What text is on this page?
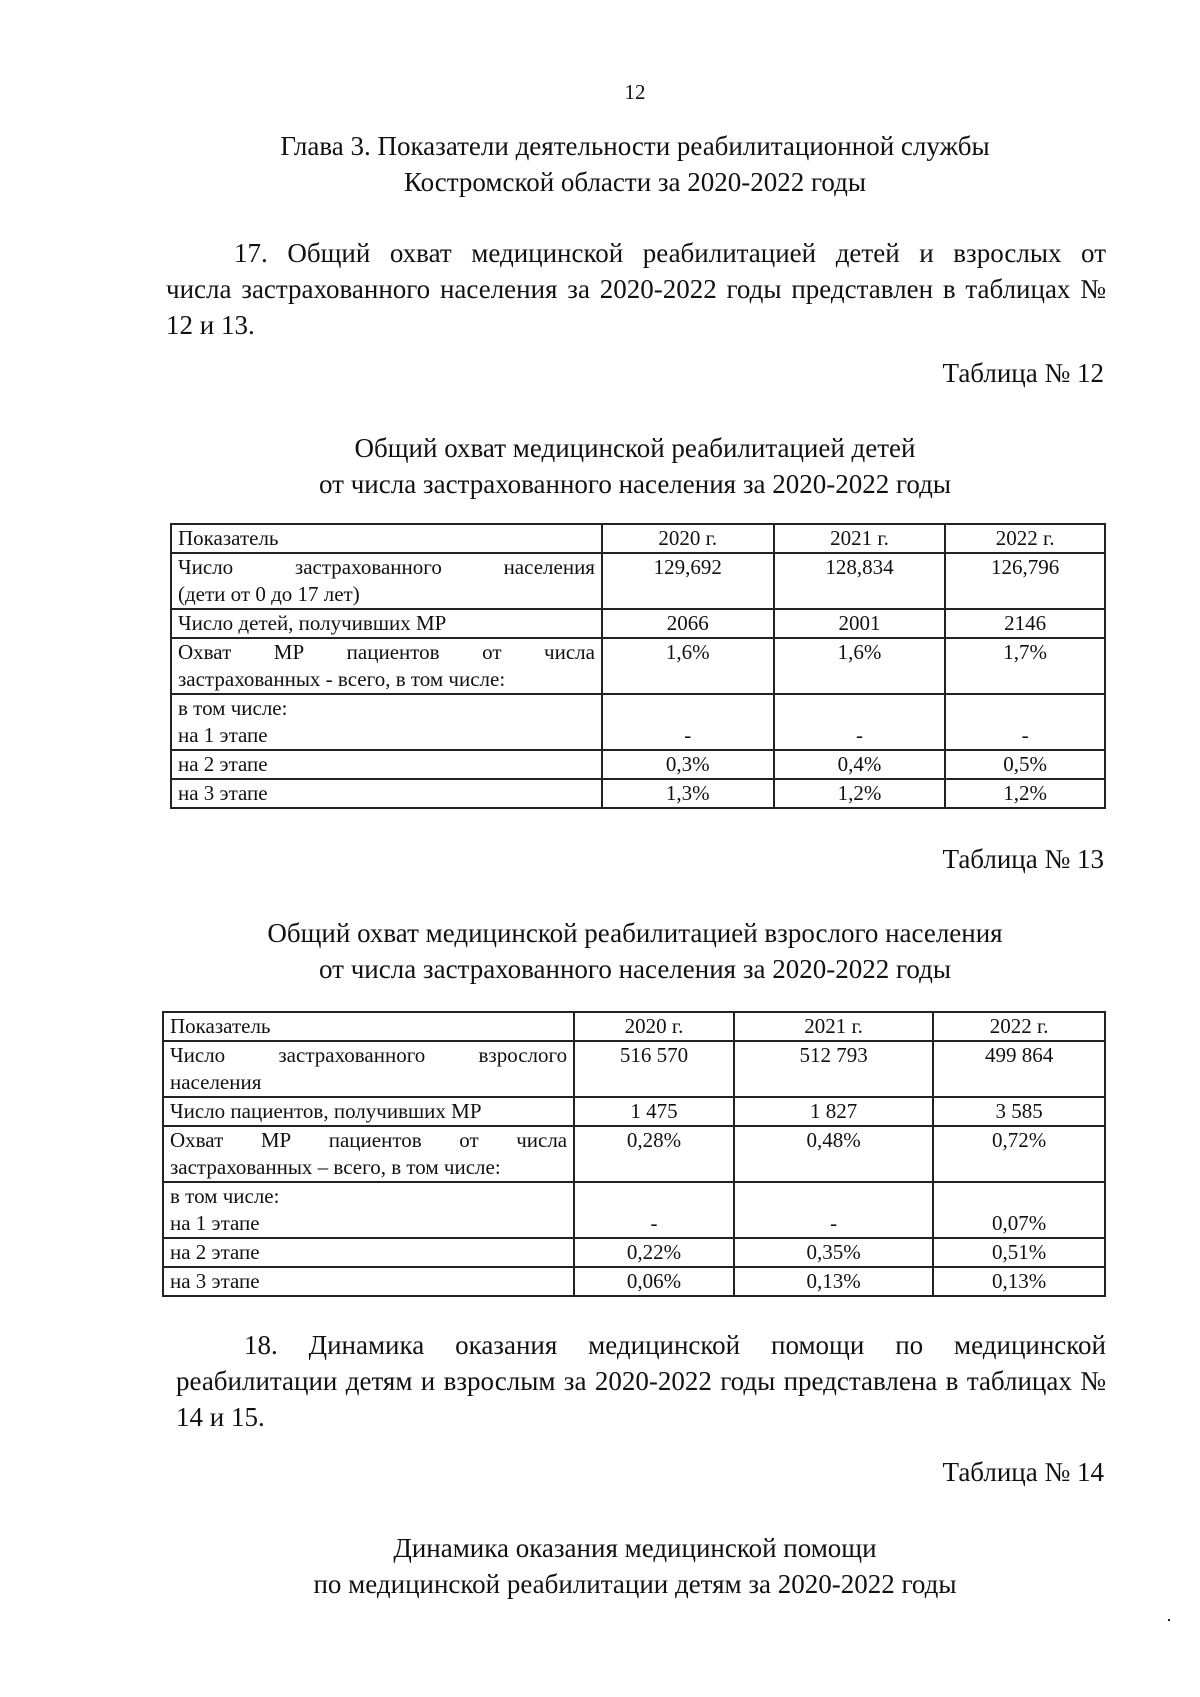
12
Глава 3. Показатели деятельности реабилитационной службы
Костромской области за 2020-2022 годы
17. Общий охват медицинской реабилитацией детей и взрослых от
числа застрахованного населения за 2020-2022 годы представлен в таблицах № 12 и 13.
Таблица № 12
Общий охват медицинской реабилитацией детей
от числа застрахованного населения за 2020-2022 годы
Показатель	2020 г.	2021 г.	2022 г.

Число застрахованного населения
(дети от 0 до 17 лет)	129,692	128,834	126,796
Число детей, получивших МР	2066	2001	2146

Охват МР пациентов от числа
застрахованных - всего, в том числе:	1,6%	1,6%	1,7%

в том числе:
на 1 этапе	-	-	-
на 2 этапе	0,3%	0,4%	0,5%
на 3 этапе	1,3%	1,2%	1,2%
Таблица № 13
Общий охват медицинской реабилитацией взрослого населения
от числа застрахованного населения за 2020-2022 годы
Показатель	2020 г.	2021 г.	2022 г.

Число застрахованного взрослого
населения	516 570	512 793	499 864
Число пациентов, получивших МР	1 475	1 827	3 585

Охват МР пациентов от числа
застрахованных – всего, в том числе:	0,28%	0,48%	0,72%

в том числе:
на 1 этапе	-	-	0,07%
на 2 этапе	0,22%	0,35%	0,51%
на 3 этапе	0,06%	0,13%	0,13%
18. Динамика оказания медицинской помощи по медицинской
реабилитации детям и взрослым за 2020-2022 годы представлена в таблицах № 14 и 15.
Таблица № 14
Динамика оказания медицинской помощи
по медицинской реабилитации детям за 2020-2022 годы
․
